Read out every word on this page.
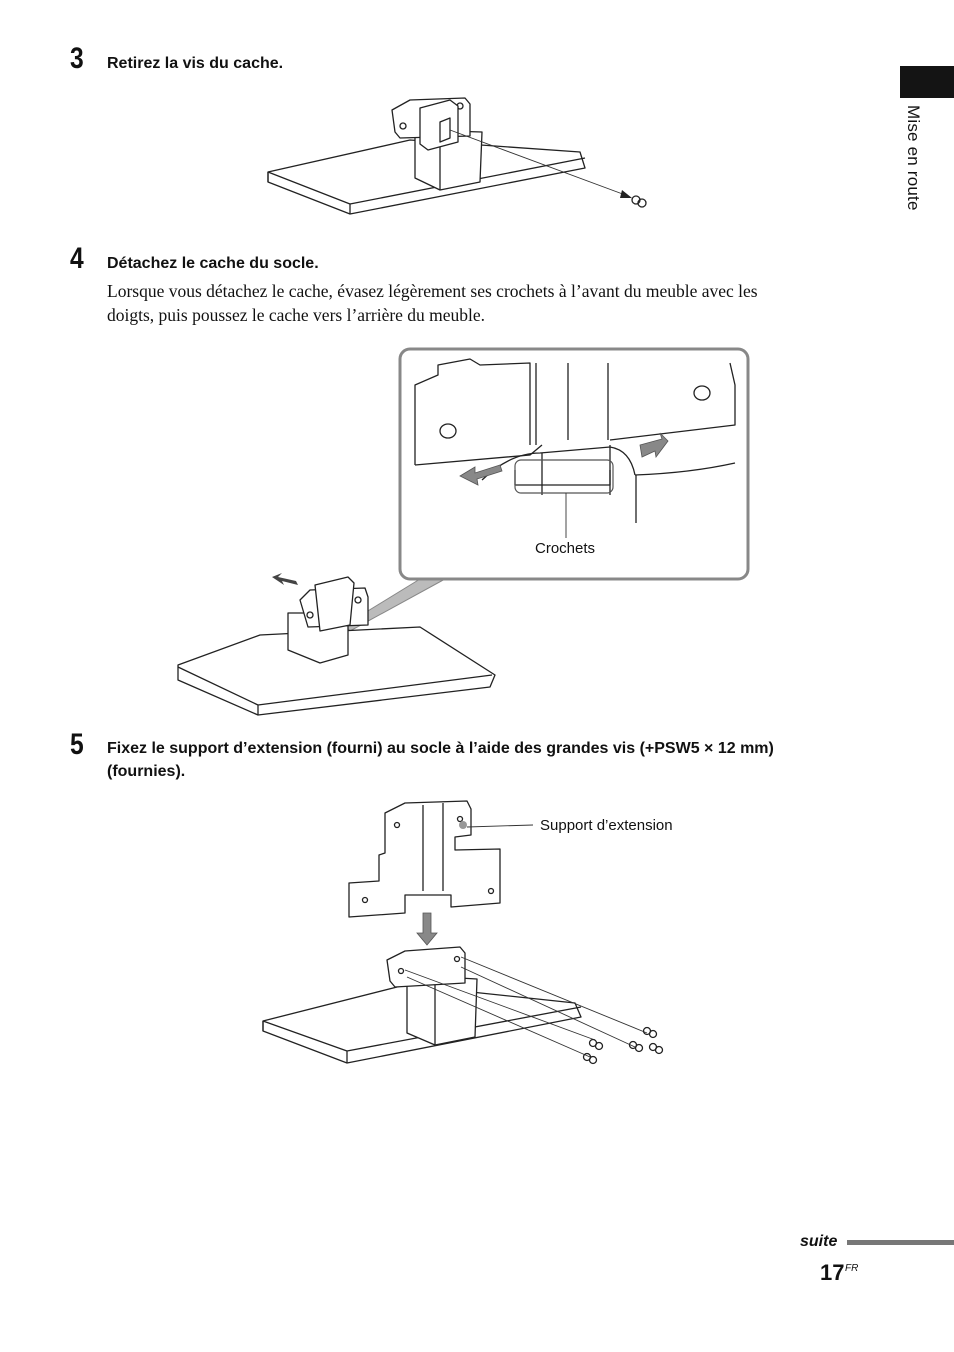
Mise en route
3 Retirez la vis du cache.
4 Détachez le cache du socle.
Lorsque vous détachez le cache, évasez légèrement ses crochets à l’avant du meuble avec les
doigts, puis poussez le cache vers l’arrière du meuble.
Crochets
5 Fixez le support d’extension (fourni) au socle à l’aide des grandes vis (+PSW5 × 12 mm)
(fournies).
Support d’extension
suite
17 FR
